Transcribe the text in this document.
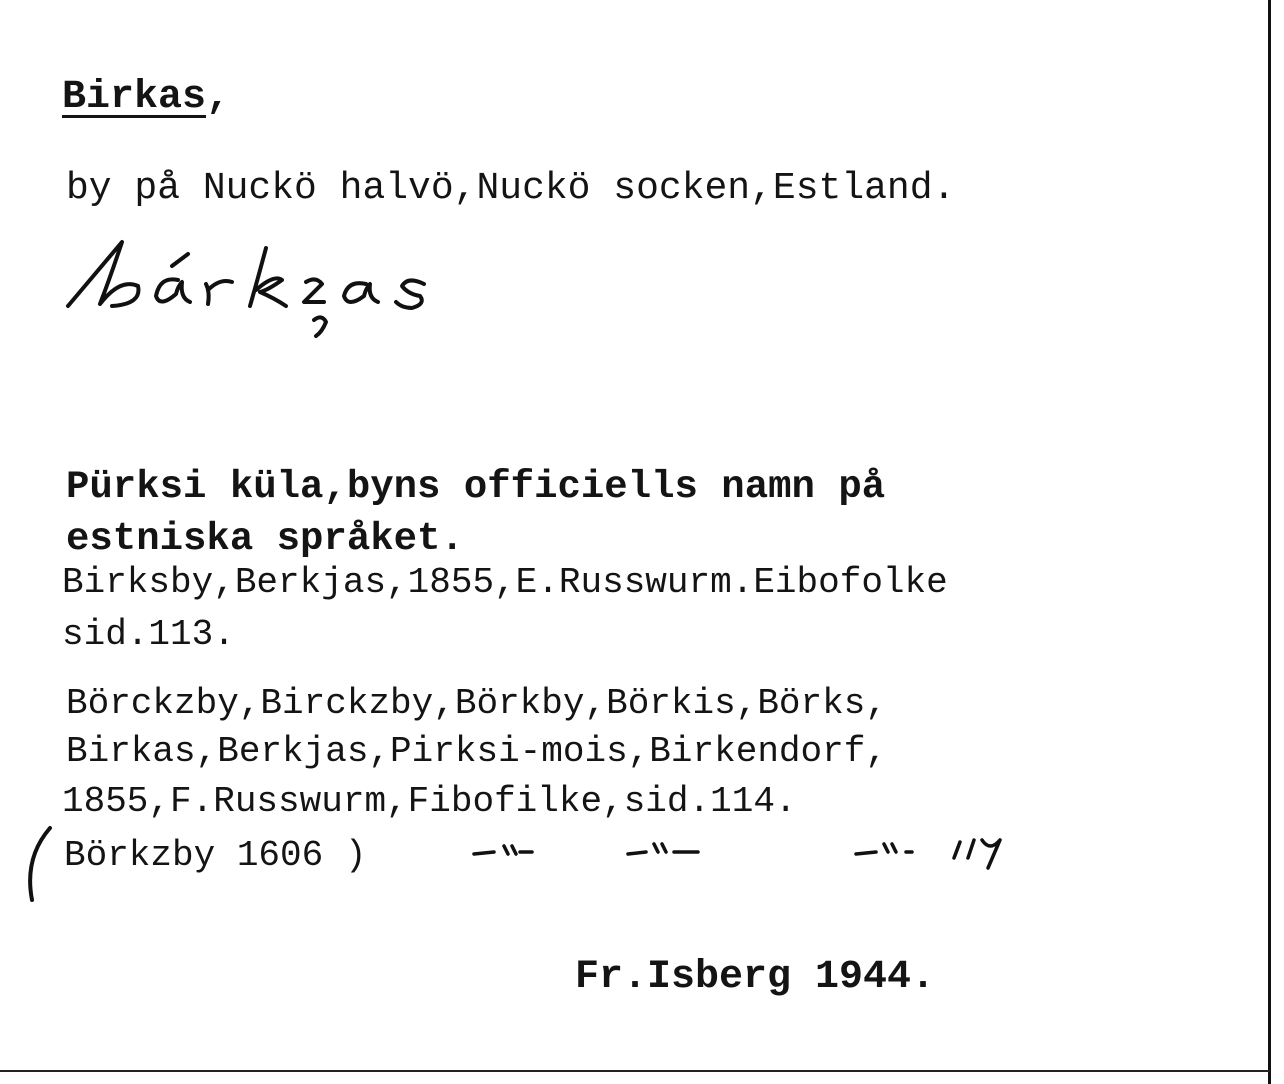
Birkas,
by på Nuckö halvö,Nuckö socken,Estland.
Pürksi küla,byns officiells namn på
estniska språket.
Birksby,Berkjas,1855,E.Russwurm.Eibofolke
sid.113.
Börckzby,Birckzby,Börkby,Börkis,Börks,
Birkas,Berkjas,Pirksi-mois,Birkendorf,
1855,F.Russwurm,Fibofilke,sid.114.
Börkzby 1606 )
Fr.Isberg 1944.
